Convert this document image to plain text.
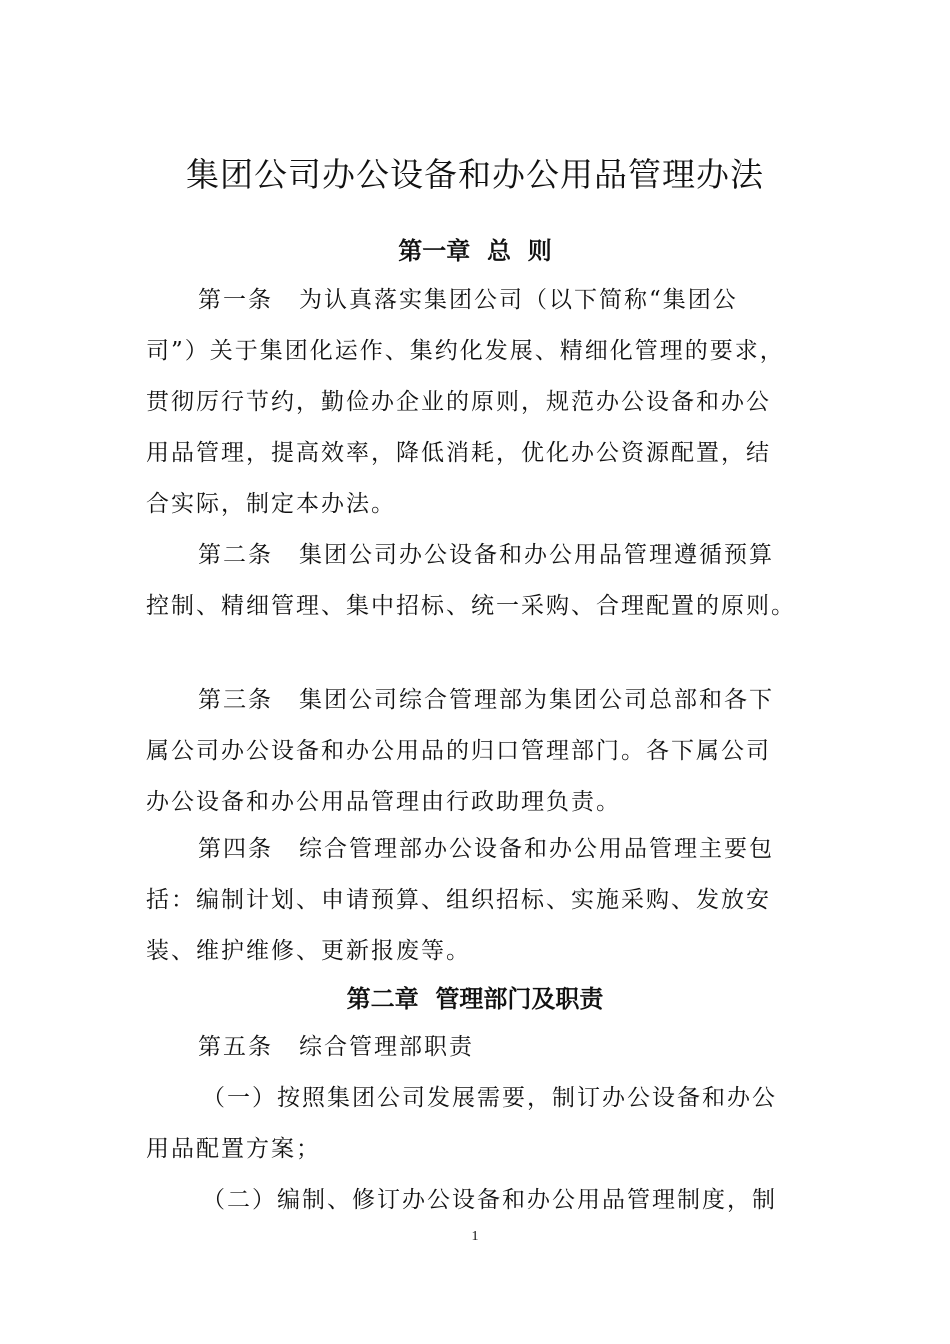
集团公司办公设备和办公用品管理办法
第一章  总  则
第一条 为认真落实集团公司（以下简称“集团公
司”）关于集团化运作、集约化发展、精细化管理的要求，
贯彻厉行节约，勤俭办企业的原则，规范办公设备和办公
用品管理，提高效率，降低消耗，优化办公资源配置，结
合实际，制定本办法。
第二条 集团公司办公设备和办公用品管理遵循预算
控制、精细管理、集中招标、统一采购、合理配置的原则。
第三条 集团公司综合管理部为集团公司总部和各下
属公司办公设备和办公用品的归口管理部门。各下属公司
办公设备和办公用品管理由行政助理负责。
第四条 综合管理部办公设备和办公用品管理主要包
括：编制计划、申请预算、组织招标、实施采购、发放安
装、维护维修、更新报废等。
第二章  管理部门及职责
第五条 综合管理部职责
（一）按照集团公司发展需要，制订办公设备和办公
用品配置方案；
（二）编制、修订办公设备和办公用品管理制度，制
1
